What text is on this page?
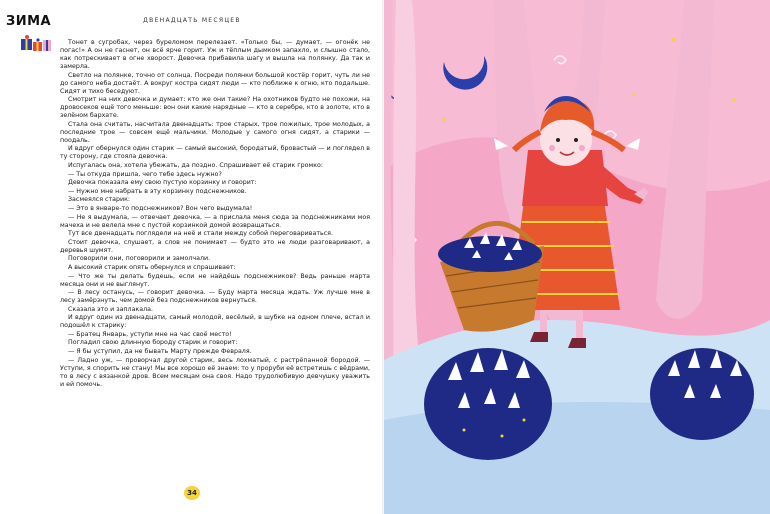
ЗИМА	ДВЕНАДЦАТЬ МЕСЯЦЕВ

Тонет в сугробах, через буреломом перелезает. «Только бы, — думает, — огонёк не погас!» А он не гаснет, он всё ярче горит. Уж и тёплым дымком запахло, и слышно стало, как потрескивает в огне хворост. Девочка прибавила шагу и вышла на полянку. Да так и замерла.

Светло на полянке, точно от солнца. Посреди полянки большой костёр горит, чуть ли не до самого неба достаёт. А вокруг костра сидят люди — кто поближе к огню, кто подальше. Сидят и тихо беседуют.

Смотрит на них девочка и думает: кто же они такие? На охотников будто не похожи, на дровосеков ещё того меньше: вон они какие нарядные — кто в серебре, кто в золоте, кто в зелёном бархате.

Стала она считать, насчитала двенадцать: трое старых, трое пожилых, трое молодых, а последние трое — совсем ещё мальчики. Молодые у самого огня сидят, а старики — поодаль.

И вдруг обернулся один старик — самый высокий, бородатый, бровастый — и поглядел в ту сторону, где стояла девочка.

Испугалась она, хотела убежать, да поздно. Спрашивает её старик громко:

— Ты откуда пришла, чего тебе здесь нужно?

Девочка показала ему свою пустую корзинку и говорит:

— Нужно мне набрать в эту корзинку подснежников.

Засмеялся старик:

— Это в январе-то подснежников? Вон чего выдумала!

— Не я выдумала, — отвечает девочка, — а прислала меня сюда за подснежниками моя мачеха и не велела мне с пустой корзинкой домой возвращаться.

Тут все двенадцать поглядели на неё и стали между собой переговариваться.

Стоит девочка, слушает, а слов не понимает — будто это не люди разговаривают, а деревья шумят.

Поговорили они, поговорили и замолчали.

А высокий старик опять обернулся и спрашивает:

— Что же ты делать будешь, если не найдёшь подснежников? Ведь раньше марта месяца они и не выглянут.

— В лесу останусь, — говорит девочка. — Буду марта месяца ждать. Уж лучше мне в лесу замёрзнуть, чем домой без подснежников вернуться.

Сказала это и заплакала.

И вдруг один из двенадцати, самый молодой, весёлый, в шубке на одном плече, встал и подошёл к старику:

— Братец Январь, уступи мне на час своё место!

Погладил свою длинную бороду старик и говорит:

— Я бы уступил, да не бывать Марту прежде Февраля.

— Ладно уж, — проворчал другой старик, весь лохматый, с растрёпанной бородой. — Уступи, я спорить не стану! Мы все хорошо её знаем: то у проруби её встретишь с вёдрами, то в лесу с вязанкой дров. Всем месяцам она своя. Надо трудолюбивую девчушку уважить и ей помочь.

34
